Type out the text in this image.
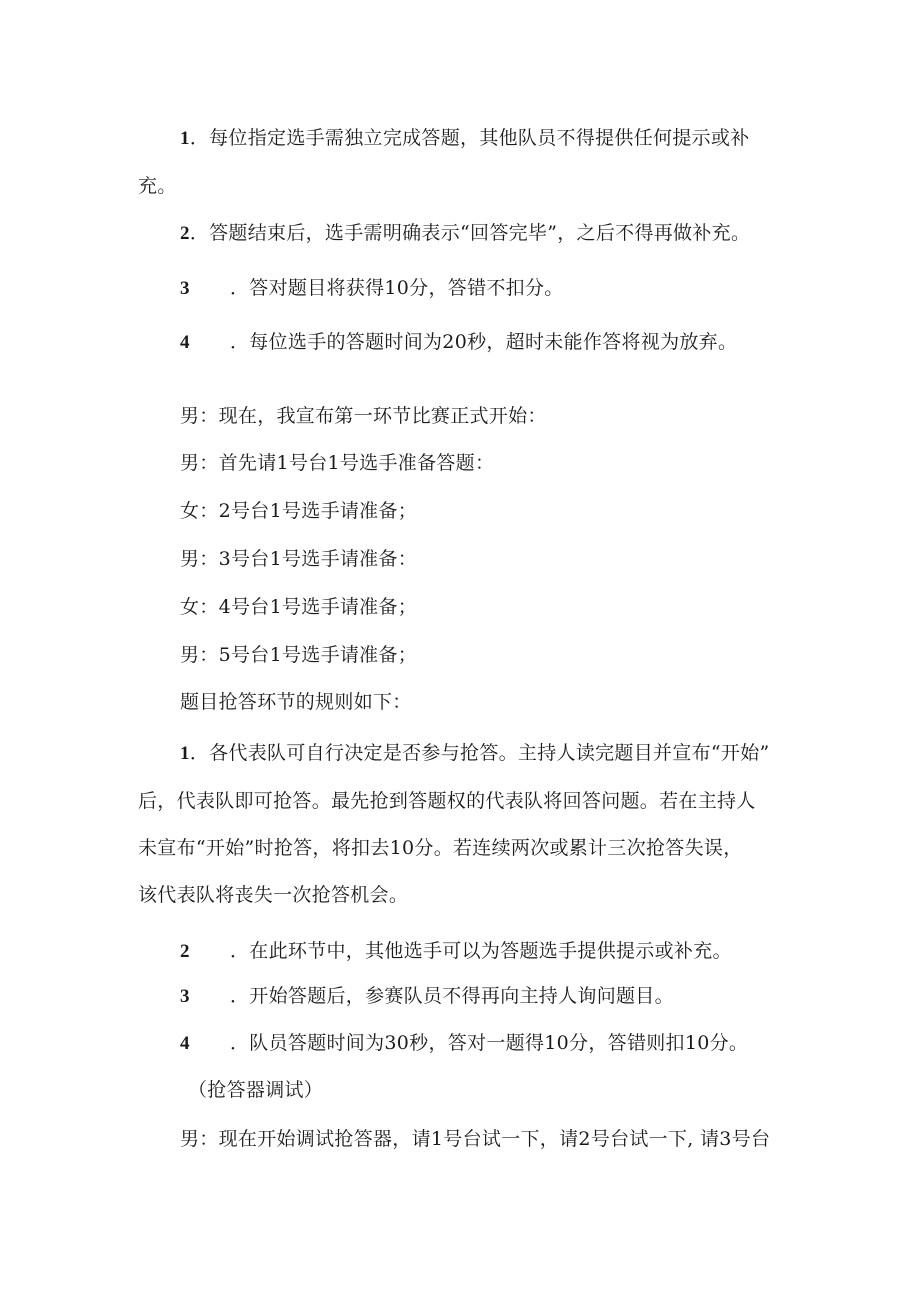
1．每位指定选手需独立完成答题，其他队员不得提供任何提示或补
充。
2．答题结束后，选手需明确表示“回答完毕”，之后不得再做补充。
3 ．答对题目将获得10分，答错不扣分。
4 ．每位选手的答题时间为20秒，超时未能作答将视为放弃。
男：现在，我宣布第一环节比赛正式开始：
男：首先请1号台1号选手准备答题：
女：2号台1号选手请准备；
男：3号台1号选手请准备：
女：4号台1号选手请准备；
男：5号台1号选手请准备；
题目抢答环节的规则如下：
1．各代表队可自行决定是否参与抢答。主持人读完题目并宣布“开始”
后，代表队即可抢答。最先抢到答题权的代表队将回答问题。若在主持人
未宣布“开始”时抢答，将扣去10分。若连续两次或累计三次抢答失误，
该代表队将丧失一次抢答机会。
2 ．在此环节中，其他选手可以为答题选手提供提示或补充。
3 ．开始答题后，参赛队员不得再向主持人询问题目。
4 ．队员答题时间为30秒，答对一题得10分，答错则扣10分。
（抢答器调试）
男：现在开始调试抢答器，请1号台试一下，请2号台试一下, 请3号台
